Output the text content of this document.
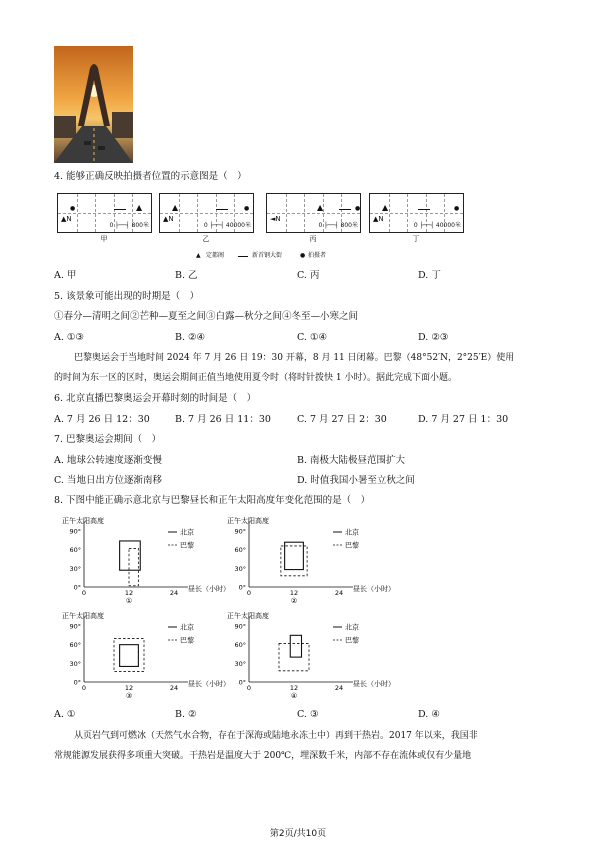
4. 能够正确反映拍摄者位置的示意图是（　）
▲
●
▲N
0 ├──┤ 800米
甲
▲	●
▲N
0 ├──┤ 40000米
乙
▲	●
◄N
0 ├──┤ 800米
丙
▲	●
▲N
0 ├──┤ 40000米
丁
▲ 定都阁	新首钢大街	● 拍摄者
A. 甲	B. 乙	C. 丙	D. 丁
5. 该景象可能出现的时期是（　）
①春分—清明之间②芒种—夏至之间③白露—秋分之间④冬至—小寒之间
A. ①③	B. ②④	C. ①④	D. ②③
巴黎奥运会于当地时间 2024 年 7 月 26 日 19：30 开幕，8 月 11 日闭幕。巴黎（48°52′N，2°25′E）使用
的时间为东一区的区时，奥运会期间正值当地使用夏令时（将时针拨快 1 小时）。据此完成下面小题。
6. 北京直播巴黎奥运会开幕时刻的时间是（　）
A. 7 月 26 日 12：30	B. 7 月 26 日 11：30	C. 7 月 27 日 2：30	D. 7 月 27 日 1：30
7. 巴黎奥运会期间（　）
A. 地球公转速度逐渐变慢	B. 南极大陆极昼范围扩大
C. 当地日出方位逐渐南移	D. 时值我国小暑至立秋之间
8. 下图中能正确示意北京与巴黎昼长和正午太阳高度年变化范围的是（　）
正午太阳高度
90°
60°
30°
0°
0	12	24 昼长（小时）
①
北京
巴黎
正午太阳高度
90°
60°
30°
0°
0	12	24 昼长（小时）
②
北京
巴黎
正午太阳高度
90°
60°
30°
0°
0	12	24 昼长（小时）
③
北京
巴黎
正午太阳高度
90°
60°
30°
0°
0	12	24 昼长（小时）
④
北京
巴黎
A. ①	B. ②	C. ③	D. ④
从页岩气到可燃冰（天然气水合物，存在于深海或陆地永冻土中）再到干热岩。2017 年以来，我国非
常规能源发展获得多项重大突破。干热岩是温度大于 200℃，埋深数千米，内部不存在流体或仅有少量地
第2页/共10页
